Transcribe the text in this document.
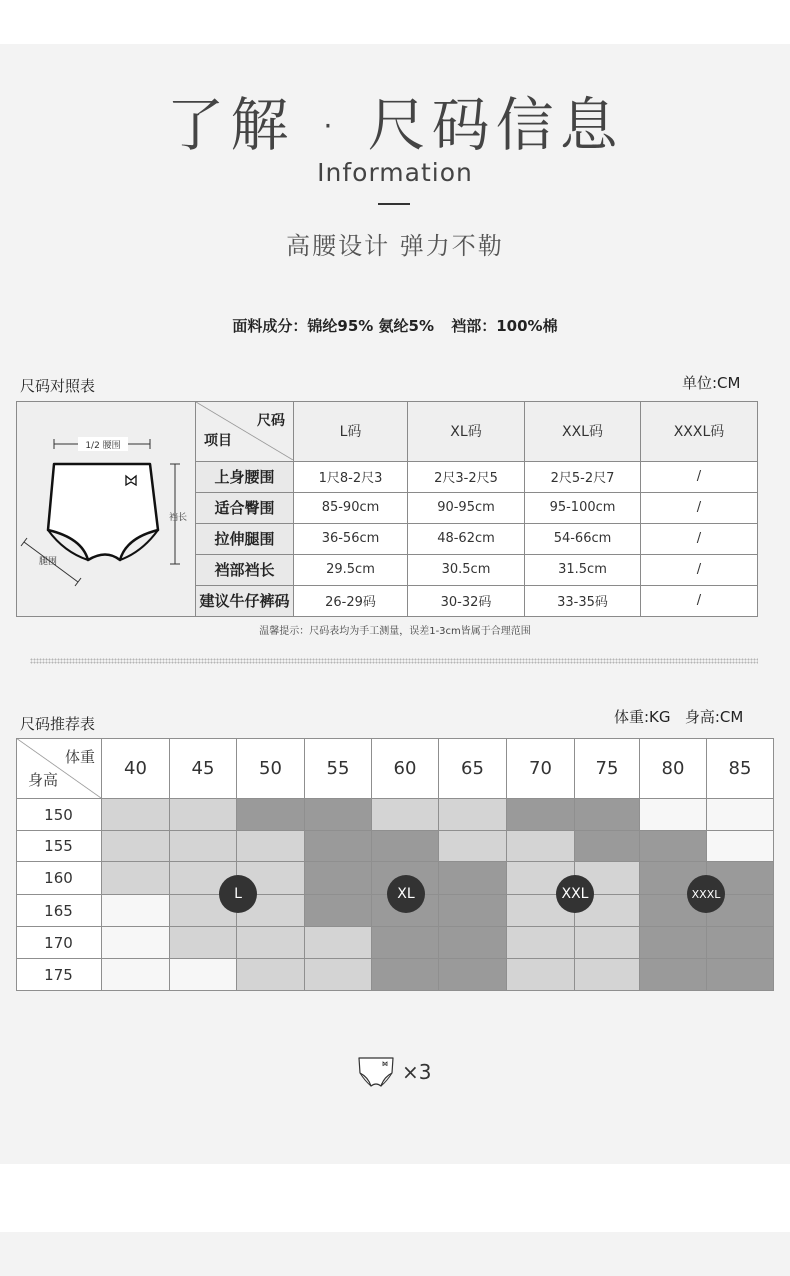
了解 · 尺码信息
Information
高腰设计 弹力不勒
面料成分：锦纶95% 氨纶5% 裆部：100%棉
尺码对照表	单位:CM
1/2 腰围
裆长
腿围	尺码
项目	L码	XL码	XXL码	XXXL码
	上身腰围	1尺8-2尺3	2尺3-2尺5	2尺5-2尺7	/
	适合臀围	85-90cm	90-95cm	95-100cm	/
	拉伸腿围	36-56cm	48-62cm	54-66cm	/
	裆部裆长	29.5cm	30.5cm	31.5cm	/
	建议牛仔裤码	26-29码	30-32码	33-35码	/
温馨提示：尺码表均为手工测量，误差1-3cm皆属于合理范围
尺码推荐表	体重:KG   身高:CM
体重
身高
40	45	50	55	60	65	70	75	80	85
150
155
160
165
170
175
L	XL	XXL	XXXL
×3
